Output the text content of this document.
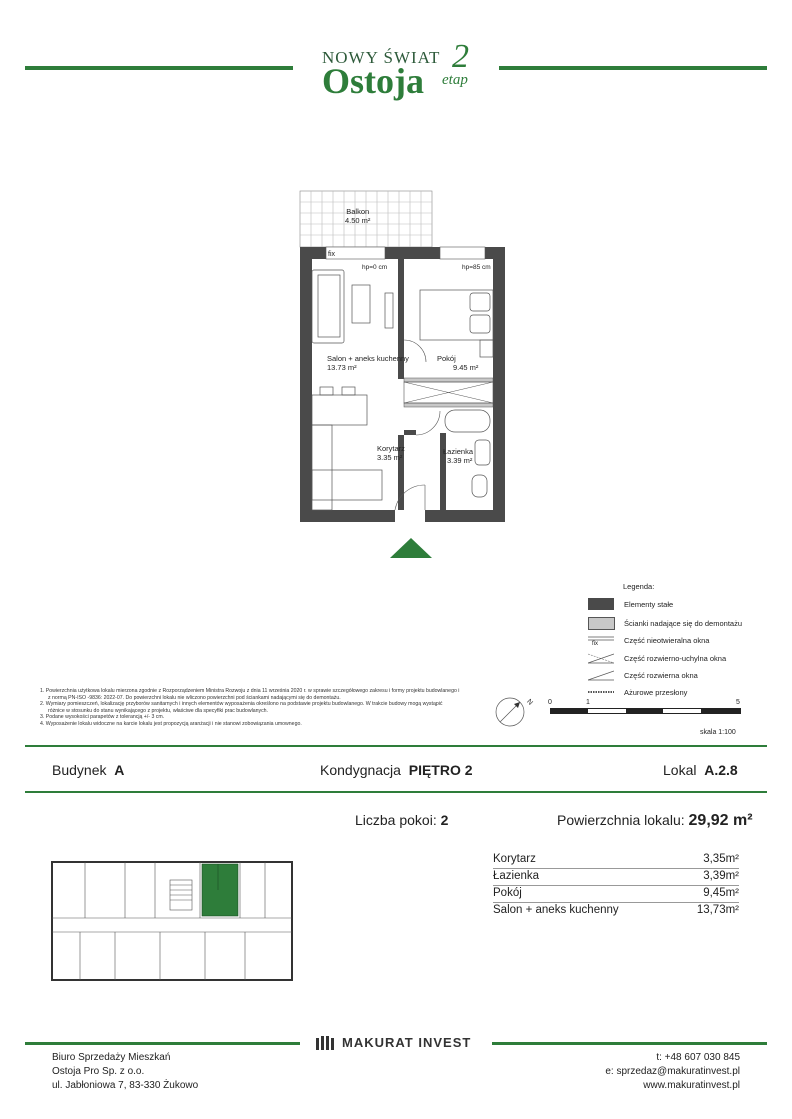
NOWY ŚWIAT
Ostoja
2
etap
fix
Balkon
4.50 m²
hp=0 cm	hp=85 cm
Salon + aneks kuchenny
13.73 m²
Pokój
9.45 m²
Korytarz
3.35 m²
Łazienka
3.39 m²
Legenda:
Elementy stałe
Ścianki nadające się do demontażu
fix	Część nieotwieralna okna
Część rozwierno-uchylna okna
Część rozwierna okna
Ażurowe przesłony

1. Powierzchnia użytkowa lokalu mierzona zgodnie z Rozporządzeniem Ministra Rozwoju z dnia 11 września 2020 r. w sprawie szczegółowego zakresu i formy projektu budowlanego i z normą PN-ISO -9836: 2022-07. Do powierzchni lokalu nie wliczono powierzchni pod ściankami nadającymi się do demontażu.

2. Wymiary pomieszczeń, lokalizację przyborów sanitarnych i innych elementów wyposażenia określono na podstawie projektu budowlanego. W trakcie budowy mogą wystąpić różnice w stosunku do stanu wynikającego z projektu, właściwe dla specyfiki prac budowlanych.

3. Podane wysokości parapetów z tolerancją +/- 3 cm.

4. Wyposażenie lokalu widoczne na karcie lokalu jest propozycją aranżacji i nie stanowi zobowiązania umownego.

N 0	1	5
skala 1:100
Budynek A	Kondygnacja PIĘTRO 2	Lokal A.2.8
Liczba pokoi: 2	Powierzchnia lokalu: 29,92 m²
Korytarz	3,35m²
Łazienka	3,39m²
Pokój	9,45m²
Salon + aneks kuchenny	13,73m²
MAKURAT INVEST
Biuro Sprzedaży Mieszkań
Ostoja Pro Sp. z o.o.
ul. Jabłoniowa 7, 83-330 Żukowo
t: +48 607 030 845
e: sprzedaz@makuratinvest.pl
www.makuratinvest.pl
